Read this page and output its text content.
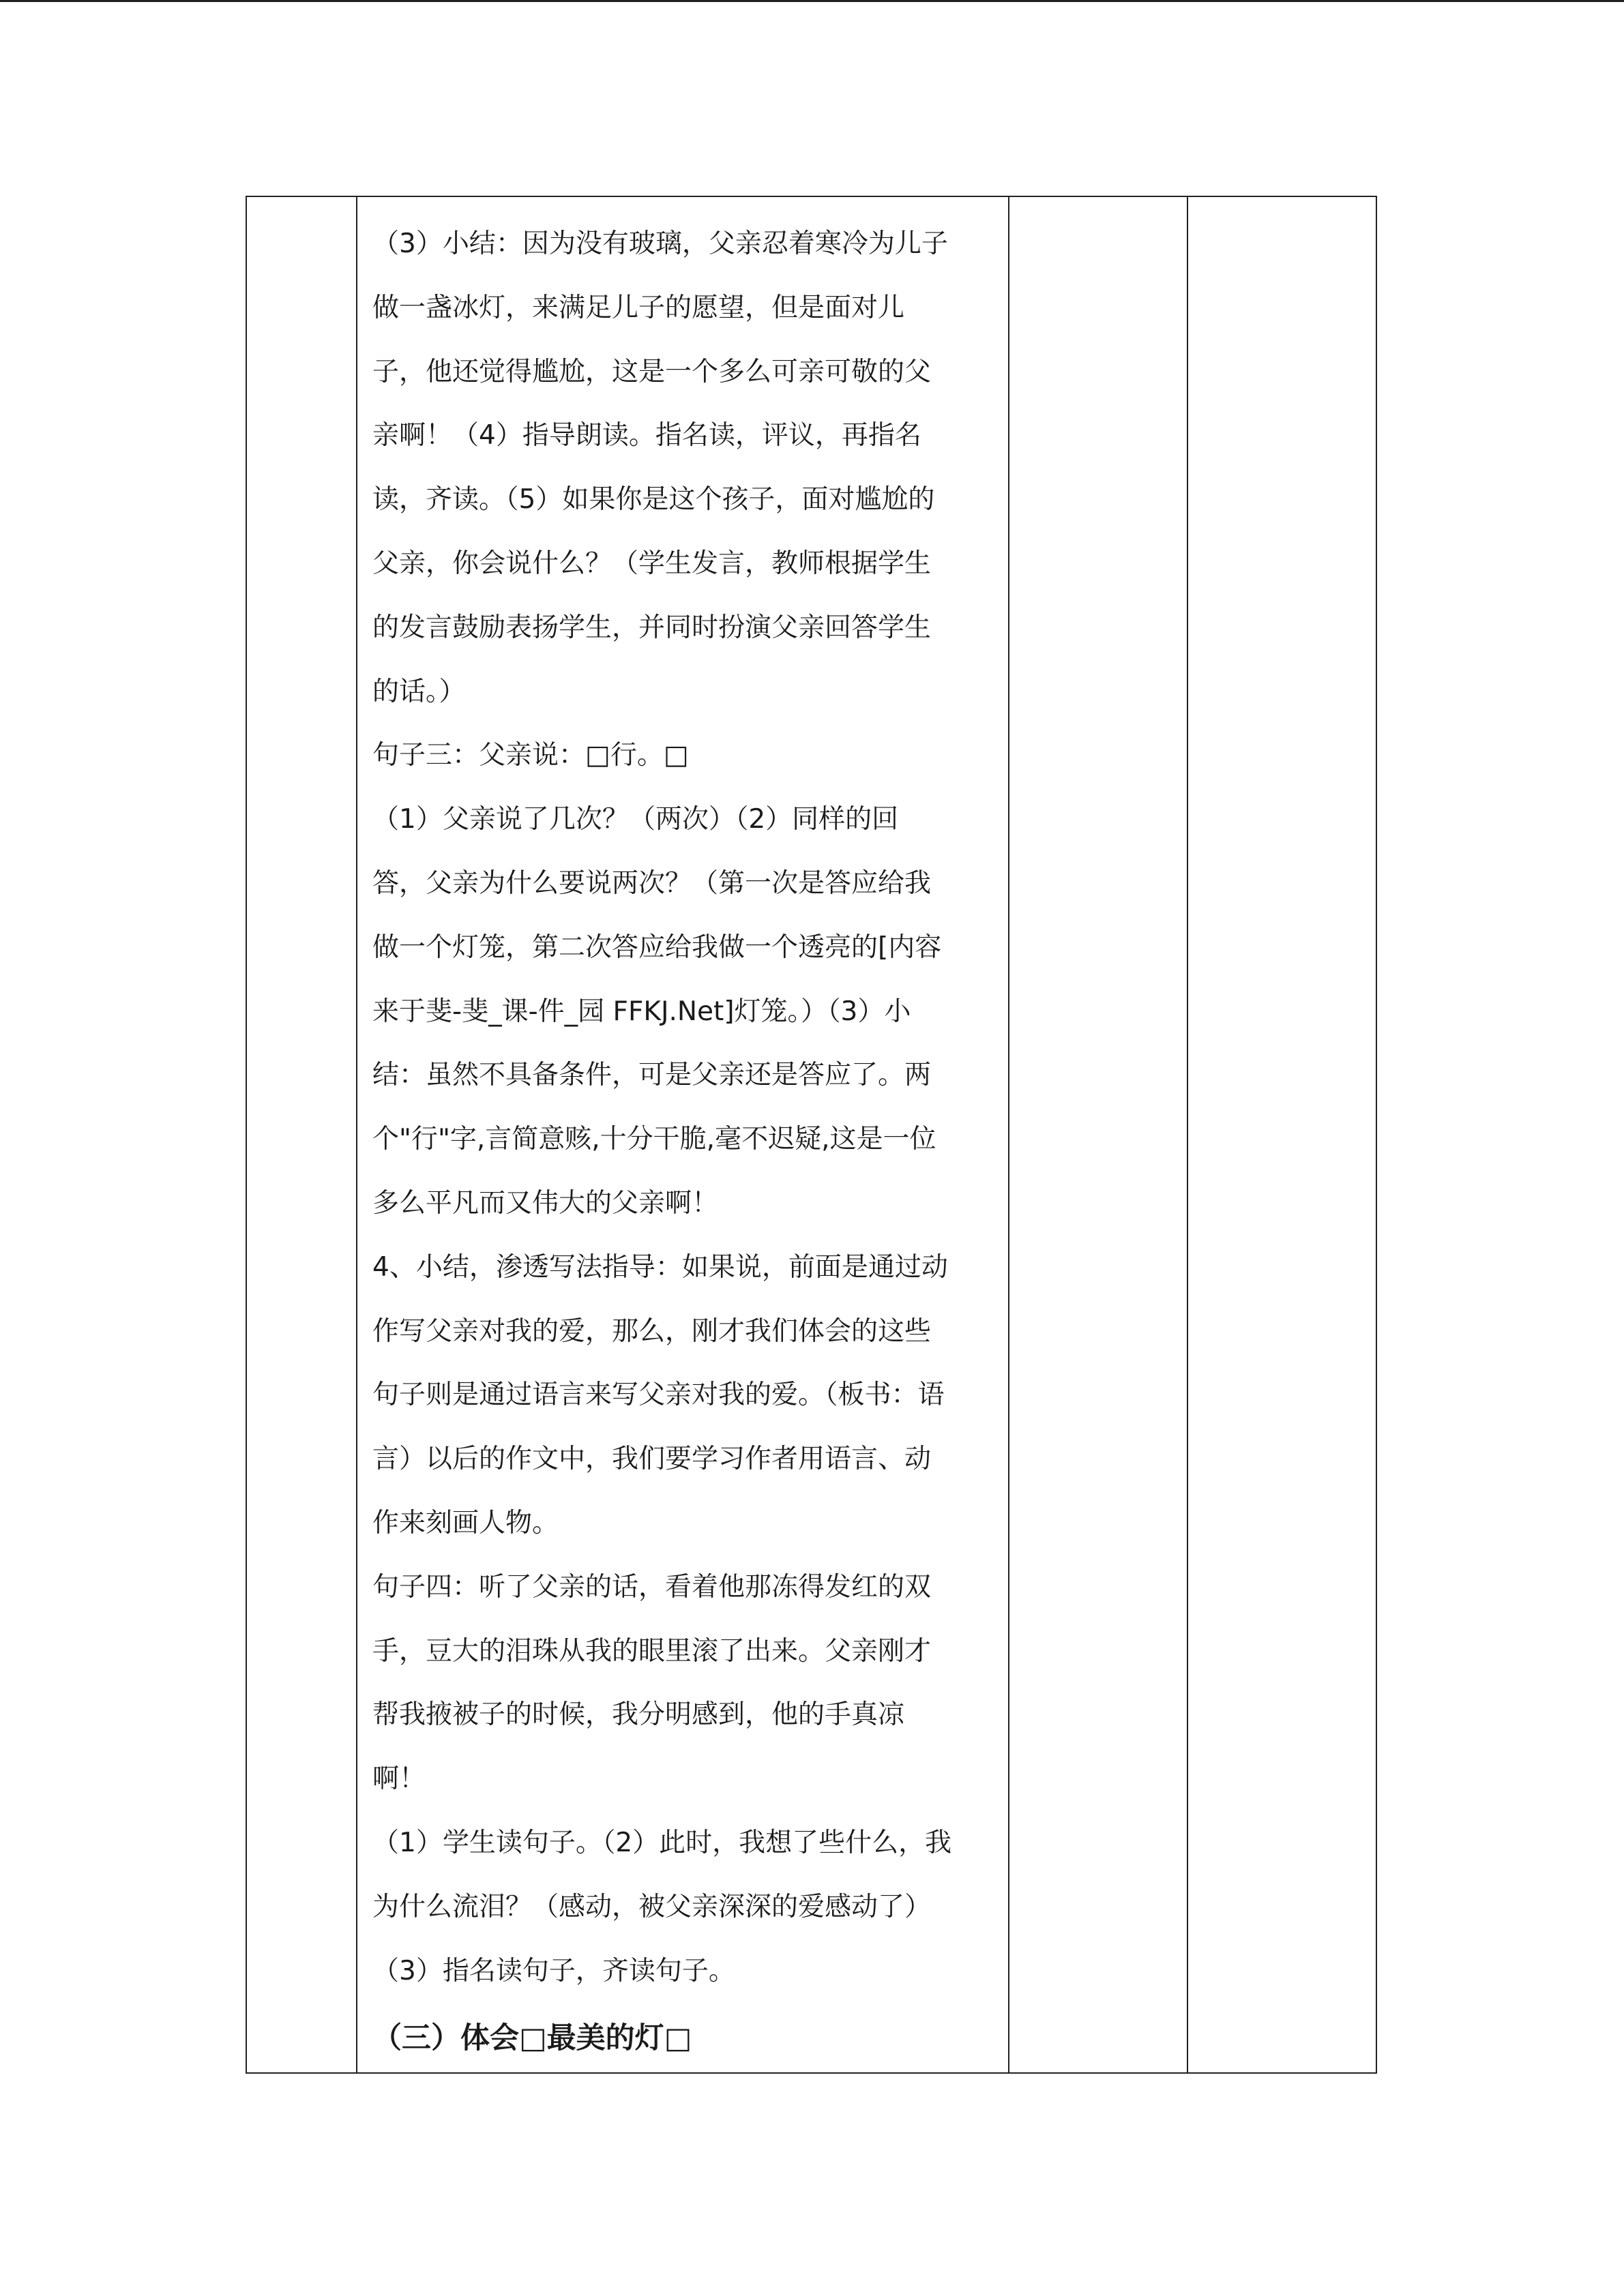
（3）小结：因为没有玻璃，父亲忍着寒冷为儿子
做一盏冰灯，来满足儿子的愿望，但是面对儿
子，他还觉得尴尬，这是一个多么可亲可敬的父
亲啊！（4）指导朗读。指名读，评议，再指名
读，齐读。（5）如果你是这个孩子，面对尴尬的
父亲，你会说什么？（学生发言，教师根据学生
的发言鼓励表扬学生，并同时扮演父亲回答学生
的话。）
句子三：父亲说：□行。□
（1）父亲说了几次？（两次）（2）同样的回
答，父亲为什么要说两次？（第一次是答应给我
做一个灯笼，第二次答应给我做一个透亮的[内容
来于斐-斐_课-件_园 FFKJ.Net]灯笼。）（3）小
结：虽然不具备条件，可是父亲还是答应了。两
个"行"字,言简意赅,十分干脆,毫不迟疑,这是一位
多么平凡而又伟大的父亲啊！
4、小结，渗透写法指导：如果说，前面是通过动
作写父亲对我的爱，那么，刚才我们体会的这些
句子则是通过语言来写父亲对我的爱。（板书：语
言）以后的作文中，我们要学习作者用语言、动
作来刻画人物。
句子四：听了父亲的话，看着他那冻得发红的双
手，豆大的泪珠从我的眼里滚了出来。父亲刚才
帮我掖被子的时候，我分明感到，他的手真凉
啊！
（1）学生读句子。（2）此时，我想了些什么，我
为什么流泪？（感动，被父亲深深的爱感动了）
（3）指名读句子，齐读句子。
（三）体会□最美的灯□
